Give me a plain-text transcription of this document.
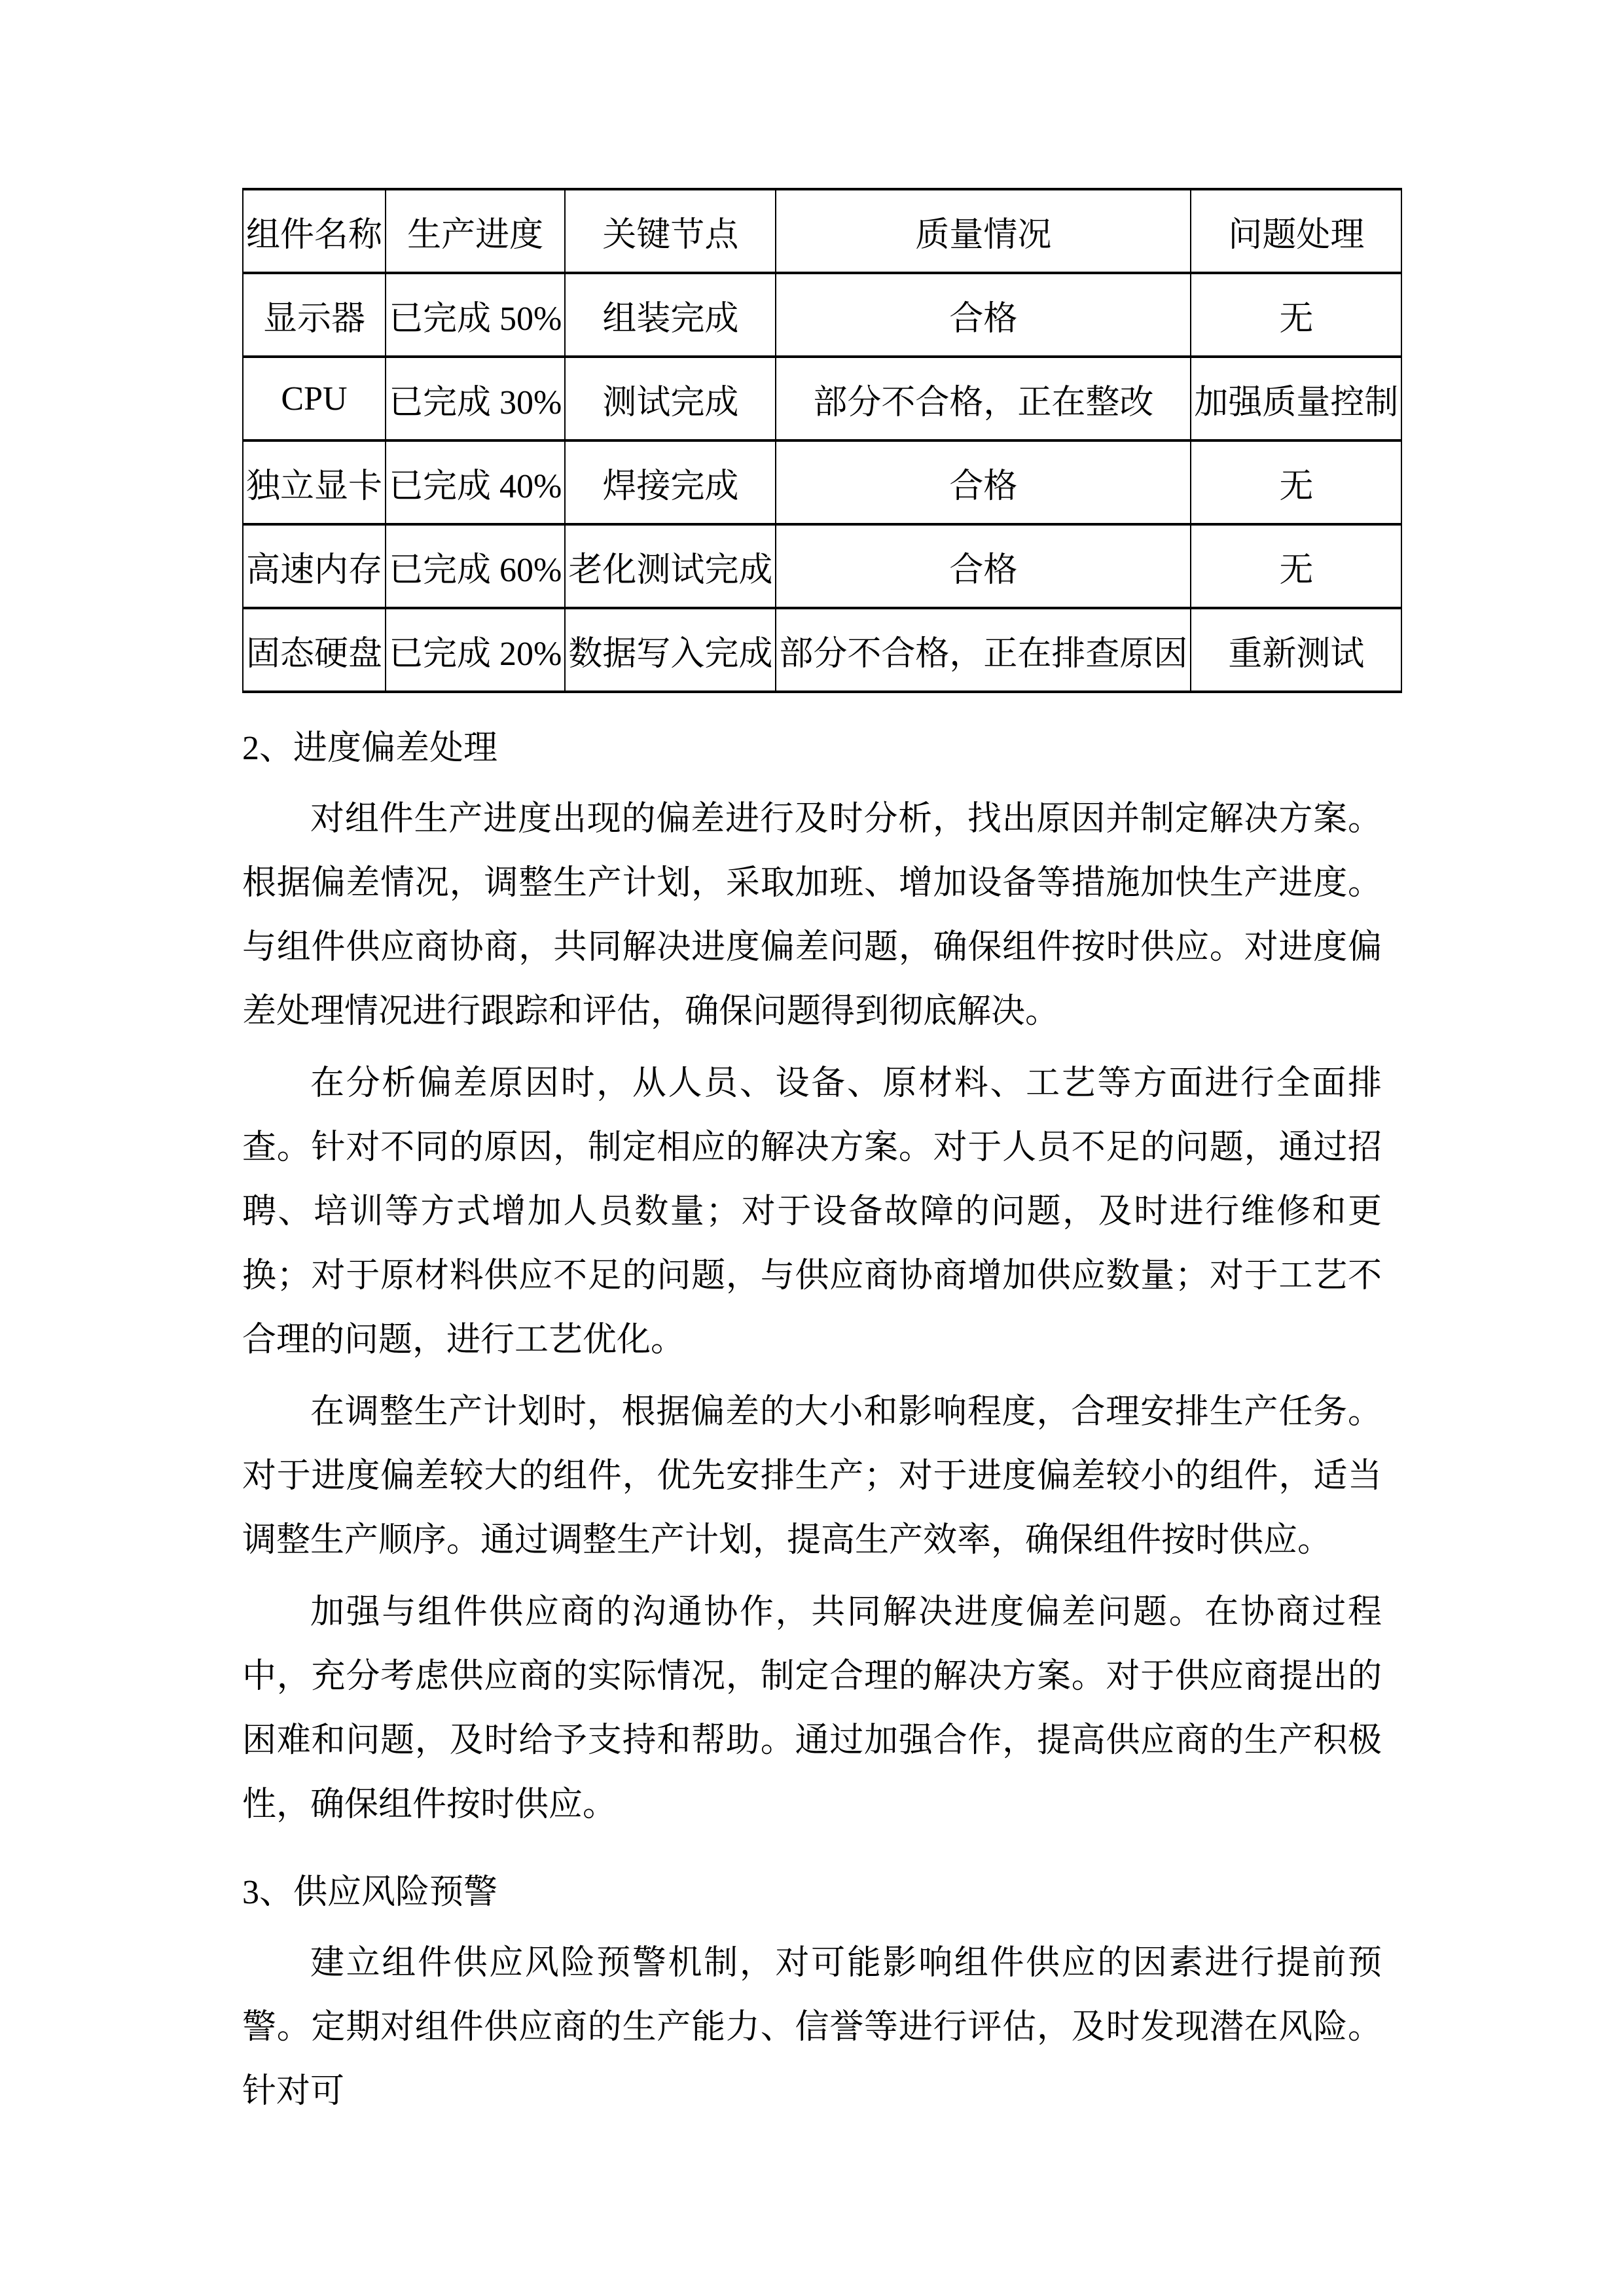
组件名称	生产进度	关键节点	质量情况	问题处理
显示器	已完成 50%	组装完成	合格	无
CPU	已完成 30%	测试完成	部分不合格，正在整改	加强质量控制
独立显卡	已完成 40%	焊接完成	合格	无
高速内存	已完成 60%	老化测试完成	合格	无
固态硬盘	已完成 20%	数据写入完成	部分不合格，正在排查原因	重新测试
2、进度偏差处理

对组件生产进度出现的偏差进行及时分析，找出原因并制定解决方案。根据偏差情况，调整生产计划，采取加班、增加设备等措施加快生产进度。与组件供应商协商，共同解决进度偏差问题，确保组件按时供应。对进度偏差处理情况进行跟踪和评估，确保问题得到彻底解决。

在分析偏差原因时，从人员、设备、原材料、工艺等方面进行全面排查。针对不同的原因，制定相应的解决方案。对于人员不足的问题，通过招聘、培训等方式增加人员数量；对于设备故障的问题，及时进行维修和更换；对于原材料供应不足的问题，与供应商协商增加供应数量；对于工艺不合理的问题，进行工艺优化。

在调整生产计划时，根据偏差的大小和影响程度，合理安排生产任务。对于进度偏差较大的组件，优先安排生产；对于进度偏差较小的组件，适当调整生产顺序。通过调整生产计划，提高生产效率，确保组件按时供应。

加强与组件供应商的沟通协作，共同解决进度偏差问题。在协商过程中，充分考虑供应商的实际情况，制定合理的解决方案。对于供应商提出的困难和问题，及时给予支持和帮助。通过加强合作，提高供应商的生产积极性，确保组件按时供应。

3、供应风险预警

建立组件供应风险预警机制，对可能影响组件供应的因素进行提前预警。定期对组件供应商的生产能力、信誉等进行评估，及时发现潜在风险。针对可
